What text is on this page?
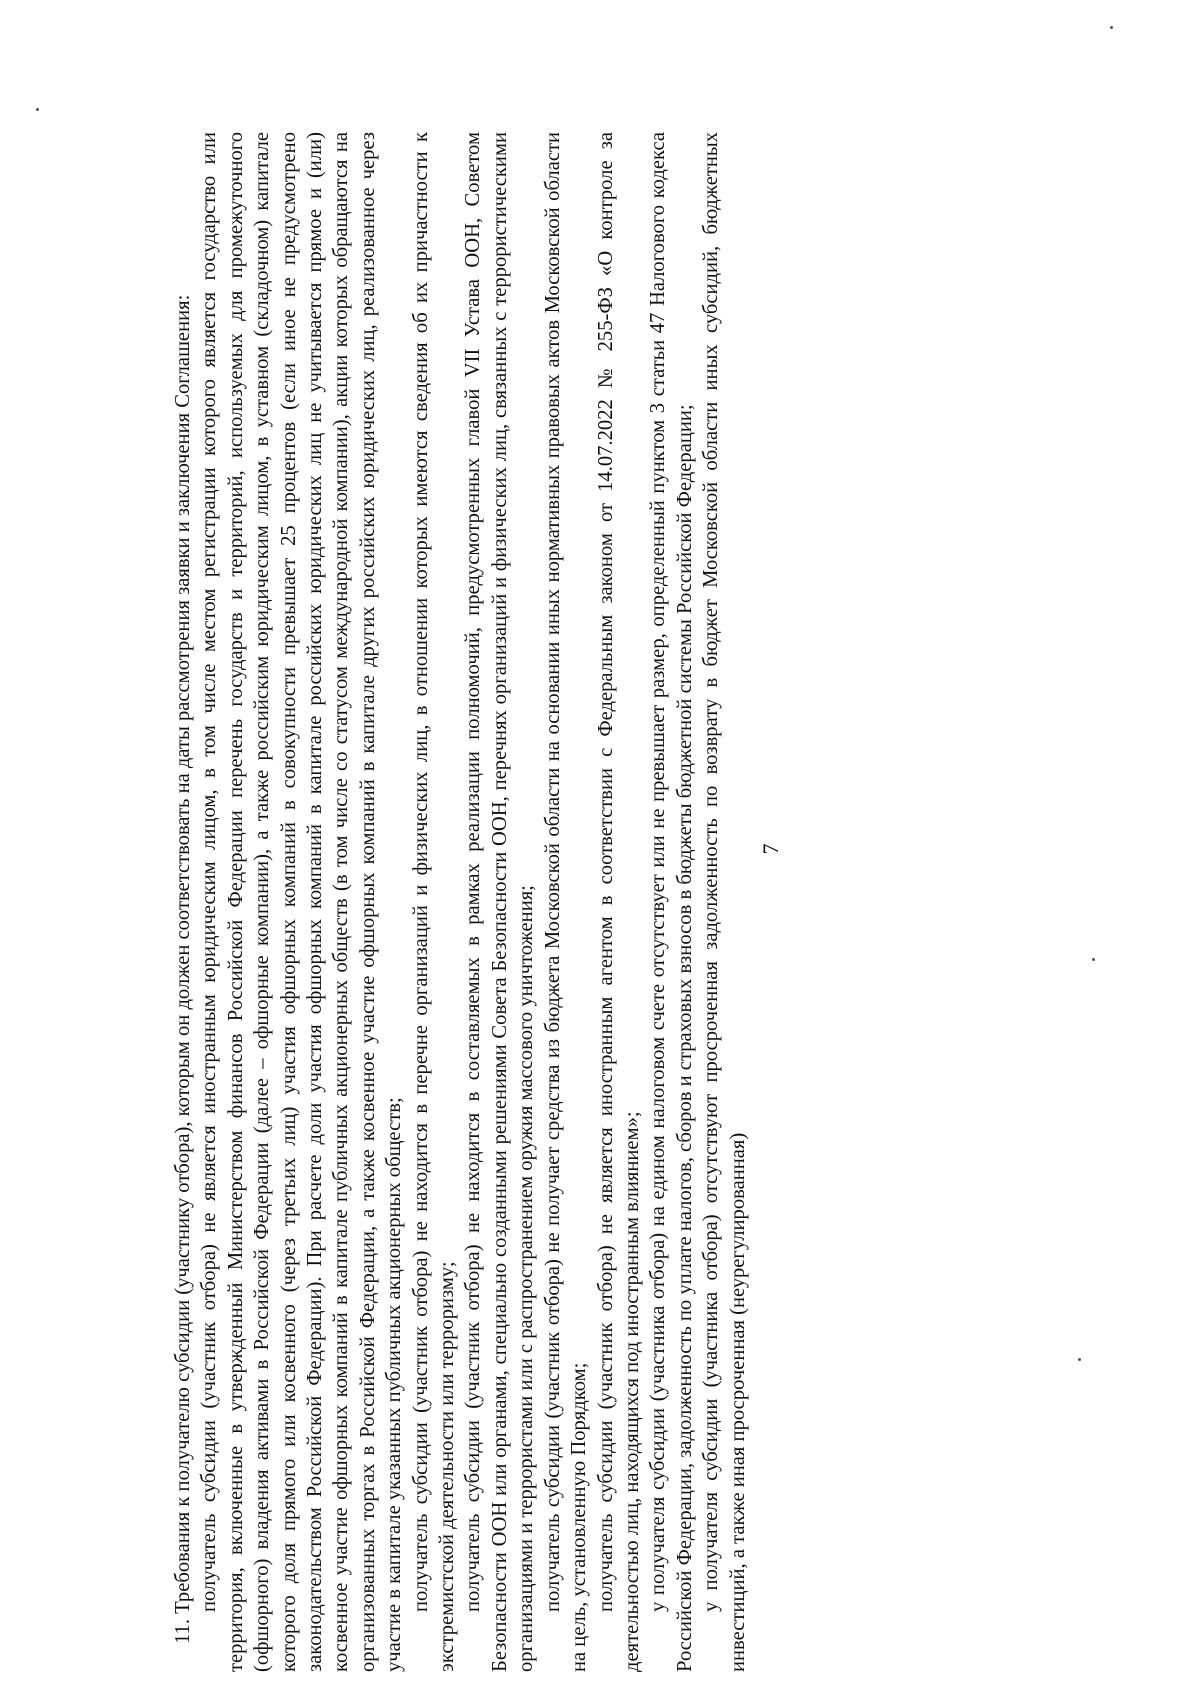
7

11. Требования к получателю субсидии (участнику отбора), которым он должен соответствовать на даты рассмотрения заявки и заключения Соглашения: получатель субсидии (участник отбора) не является иностранным юридическим лицом, в том числе местом регистрации которого является государство или территория, включенные в утвержденный Министерством финансов Российской Федерации перечень государств и территорий, используемых для промежуточного (офшорного) владения активами в Российской Федерации (далее – офшорные компании), а также российским юридическим лицом, в уставном (складочном) капитале которого доля прямого или косвенного (через третьих лиц) участия офшорных компаний в совокупности превышает 25 процентов (если иное не предусмотрено законодательством Российской Федерации). При расчете доли участия офшорных компаний в капитале российских юридических лиц не учитывается прямое и (или) косвенное участие офшорных компаний в капитале публичных акционерных обществ (в том числе со статусом международной компании), акции которых обращаются на организованных торгах в Российской Федерации, а также косвенное участие офшорных компаний в капитале других российских юридических лиц, реализованное через участие в капитале указанных публичных акционерных обществ; получатель субсидии (участник отбора) не находится в перечне организаций и физических лиц, в отношении которых имеются сведения об их причастности к экстремистской деятельности или терроризму; получатель субсидии (участник отбора) не находится в составляемых в рамках реализации полномочий, предусмотренных главой VII Устава ООН, Советом Безопасности ООН или органами, специально созданными решениями Совета Безопасности ООН, перечнях организаций и физических лиц, связанных с террористическими организациями и террористами или с распространением оружия массового уничтожения; получатель субсидии (участник отбора) не получает средства из бюджета Московской области на основании иных нормативных правовых актов Московской области на цель, установленную Порядком; получатель субсидии (участник отбора) не является иностранным агентом в соответствии с Федеральным законом от 14.07.2022 № 255-ФЗ «О контроле за деятельностью лиц, находящихся под иностранным влиянием»; у получателя субсидии (участника отбора) на едином налоговом счете отсутствует или не превышает размер, определенный пунктом 3 статьи 47 Налогового кодекса Российской Федерации, задолженность по уплате налогов, сборов и страховых взносов в бюджеты бюджетной системы Российской Федерации; у получателя субсидии (участника отбора) отсутствуют просроченная задолженность по возврату в бюджет Московской области иных субсидий, бюджетных инвестиций, а также иная просроченная (неурегулированная)
